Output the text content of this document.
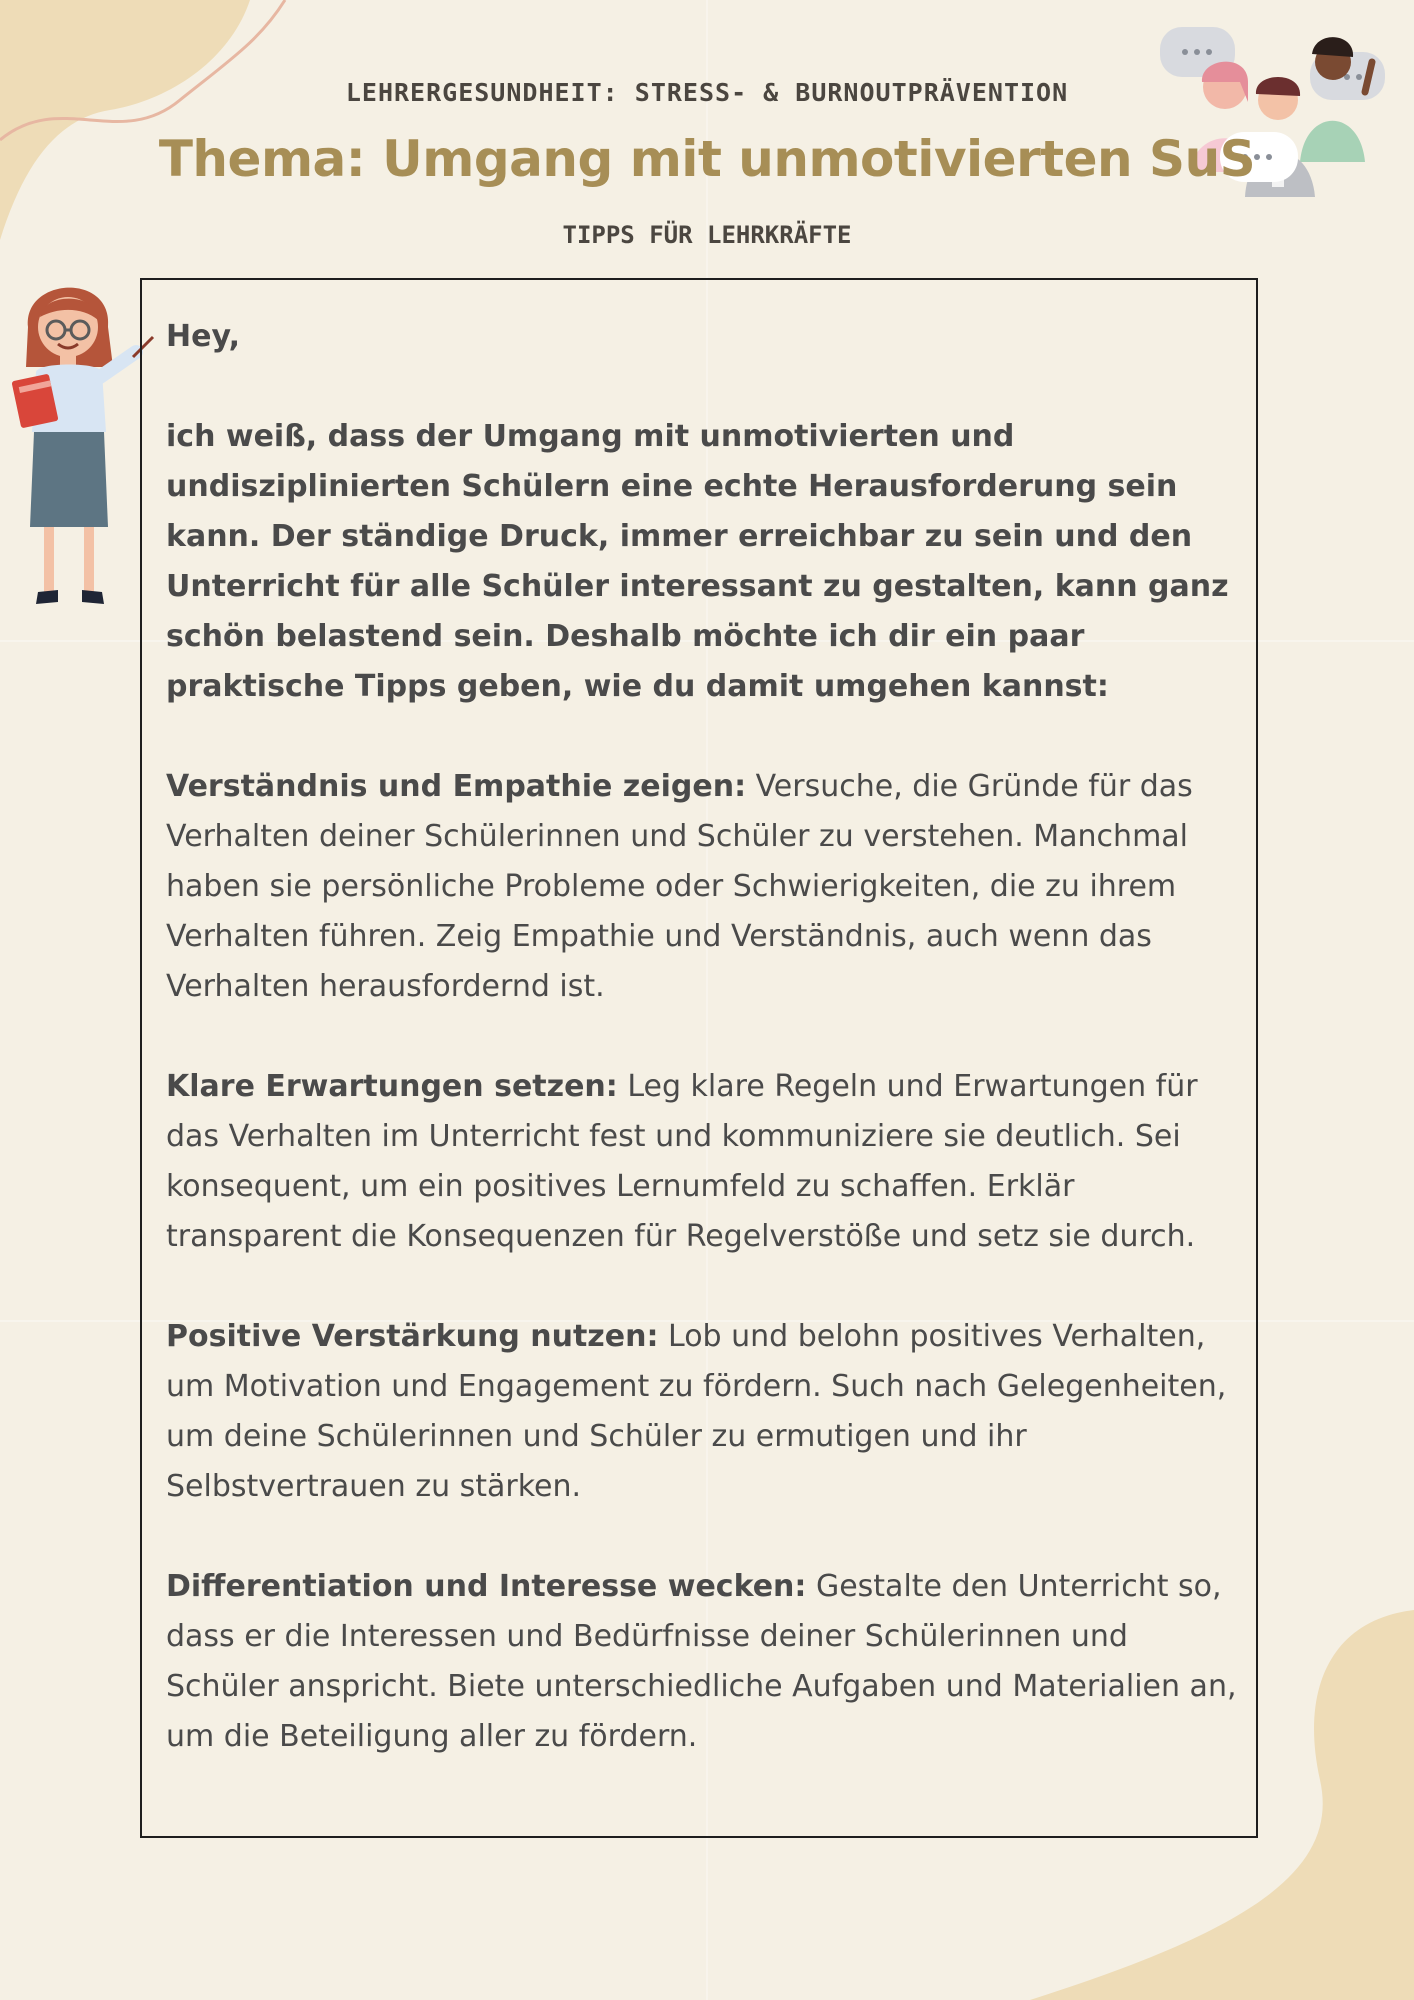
LEHRERGESUNDHEIT: STRESS- & BURNOUTPRÄVENTION
Thema: Umgang mit unmotivierten SuS
TIPPS FÜR LEHRKRÄFTE

Hey,

ich weiß, dass der Umgang mit unmotivierten und undisziplinierten Schülern eine echte Herausforderung sein kann. Der ständige Druck, immer erreichbar zu sein und den Unterricht für alle Schüler interessant zu gestalten, kann ganz schön belastend sein. Deshalb möchte ich dir ein paar praktische Tipps geben, wie du damit umgehen kannst:

Verständnis und Empathie zeigen: Versuche, die Gründe für das Verhalten deiner Schülerinnen und Schüler zu verstehen. Manchmal haben sie persönliche Probleme oder Schwierigkeiten, die zu ihrem Verhalten führen. Zeig Empathie und Verständnis, auch wenn das Verhalten herausfordernd ist.

Klare Erwartungen setzen: Leg klare Regeln und Erwartungen für das Verhalten im Unterricht fest und kommuniziere sie deutlich. Sei konsequent, um ein positives Lernumfeld zu schaffen. Erklär transparent die Konsequenzen für Regelverstöße und setz sie durch.

Positive Verstärkung nutzen: Lob und belohn positives Verhalten, um Motivation und Engagement zu fördern. Such nach Gelegenheiten, um deine Schülerinnen und Schüler zu ermutigen und ihr Selbstvertrauen zu stärken.

Differentiation und Interesse wecken: Gestalte den Unterricht so, dass er die Interessen und Bedürfnisse deiner Schülerinnen und Schüler anspricht. Biete unterschiedliche Aufgaben und Materialien an, um die Beteiligung aller zu fördern.
